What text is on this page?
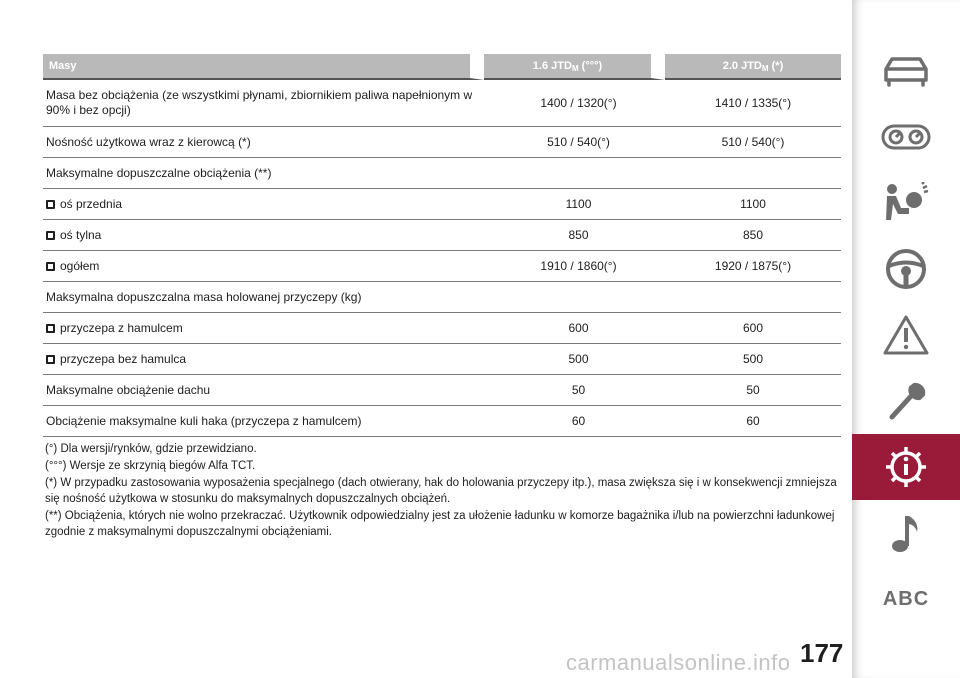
Masy	1.6 $JTD_M$ (°°°)	2.0 $JTD_M$ (*)
Masa bez obciążenia (ze wszystkimi płynami, zbiornikiem paliwa napełnionym w 90% i bez opcji)	1400 / 1320(°)	1410 / 1335(°)
Nośność użytkowa wraz z kierowcą (*)	510 / 540(°)	510 / 540(°)
Maksymalne dopuszczalne obciążenia (**)		
oś przednia	1100	1100
oś tylna	850	850
ogółem	1910 / 1860(°)	1920 / 1875(°)
Maksymalna dopuszczalna masa holowanej przyczepy (kg)		
przyczepa z hamulcem	600	600
przyczepa bez hamulca	500	500
Maksymalne obciążenie dachu	50	50
Obciążenie maksymalne kuli haka (przyczepa z hamulcem)	60	60

(°) Dla wersji/rynków, gdzie przewidziano.

(°°°) Wersje ze skrzynią biegów Alfa TCT.

(*) W przypadku zastosowania wyposażenia specjalnego (dach otwierany, hak do holowania przyczepy itp.), masa zwiększa się i w konsekwencji zmniejsza się nośność użytkowa w stosunku do maksymalnych dopuszczalnych obciążeń.

(**) Obciążenia, których nie wolno przekraczać. Użytkownik odpowiedzialny jest za ułożenie ładunku w komorze bagażnika i/lub na powierzchni ładunkowej zgodnie z maksymalnymi dopuszczalnymi obciążeniami.

ABC
177
carmanualsonline.info
